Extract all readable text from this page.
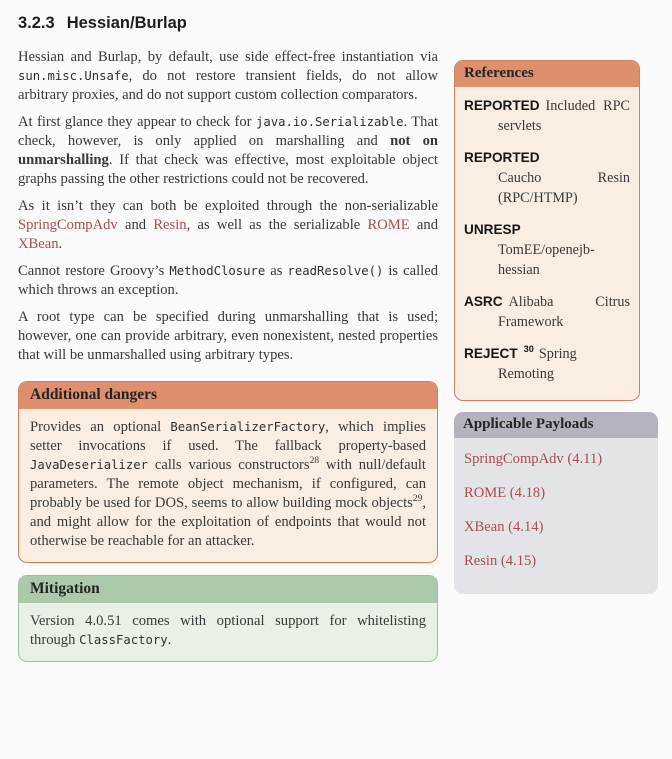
3.2.3 Hessian/Burlap

Hessian and Burlap, by default, use side effect-free instantiation via sun.misc.Unsafe, do not restore transient fields, do not allow arbitrary proxies, and do not support custom collection comparators.

At first glance they appear to check for java.io.Serializable. That check, however, is only applied on marshalling and not on unmarshalling. If that check was effective, most exploitable object graphs passing the other restrictions could not be recovered.

As it isn’t they can both be exploited through the non-serializable SpringCompAdv and Resin, as well as the serializable ROME and XBean.

Cannot restore Groovy’s MethodClosure as readResolve() is called which throws an exception.

A root type can be specified during unmarshalling that is used; however, one can provide arbitrary, even nonexistent, nested properties that will be unmarshalled using arbitrary types.

Additional dangers
Provides an optional BeanSerializerFactory, which implies setter invocations if used. The fallback property-based JavaDeserializer calls various constructors$^{28}$ with null/default parameters. The remote object mechanism, if configured, can probably be used for DOS, seems to allow building mock objects$^{29}$, and might allow for the exploitation of endpoints that would not otherwise be reachable for an attacker.
Mitigation
Version 4.0.51 comes with optional support for whitelisting through ClassFactory.
References
REPORTED Included RPC servlets
REPORTED
Caucho Resin (RPC/HTMP)
UNRESP
TomEE/openejb-hessian
ASRC Alibaba Citrus Framework
REJECT $^{30}$ Spring Remoting
Applicable Payloads
SpringCompAdv (4.11)
ROME (4.18)
XBean (4.14)
Resin (4.15)
